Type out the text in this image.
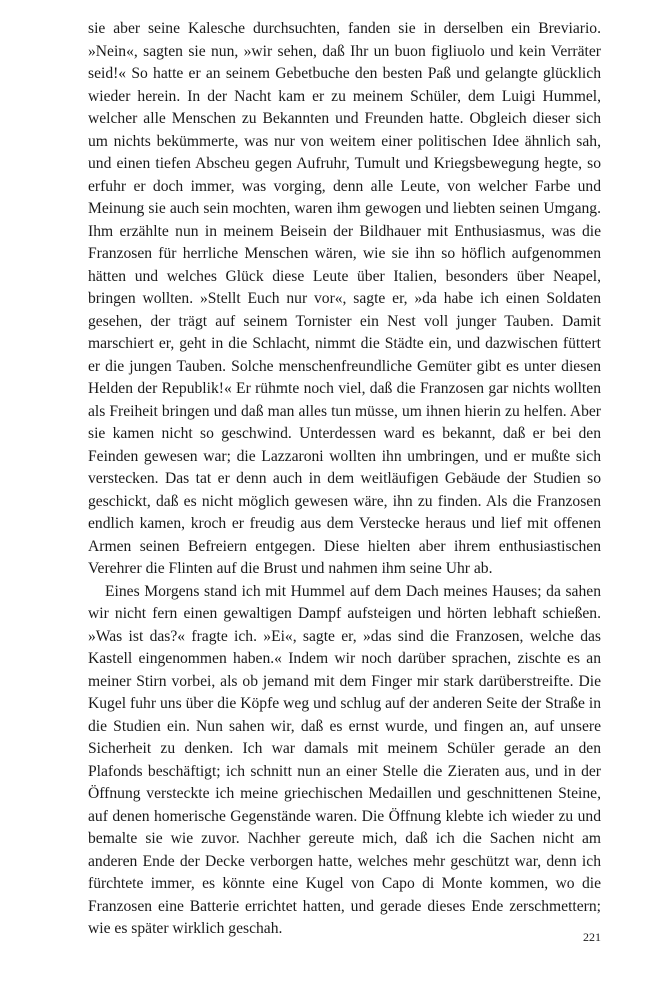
sie aber seine Kalesche durchsuchten, fanden sie in derselben ein Breviario. »Nein«, sagten sie nun, »wir sehen, daß Ihr un buon figliuolo und kein Verräter seid!« So hatte er an seinem Gebetbuche den besten Paß und gelangte glücklich wieder herein. In der Nacht kam er zu meinem Schüler, dem Luigi Hummel, welcher alle Menschen zu Bekannten und Freunden hatte. Obgleich dieser sich um nichts bekümmerte, was nur von weitem einer politischen Idee ähnlich sah, und einen tiefen Abscheu gegen Aufruhr, Tumult und Kriegsbewegung hegte, so erfuhr er doch immer, was vorging, denn alle Leute, von welcher Farbe und Meinung sie auch sein mochten, waren ihm gewogen und liebten seinen Umgang. Ihm erzählte nun in meinem Beisein der Bildhauer mit Enthusiasmus, was die Franzosen für herrliche Menschen wären, wie sie ihn so höflich aufgenommen hätten und welches Glück diese Leute über Italien, besonders über Neapel, bringen wollten. »Stellt Euch nur vor«, sagte er, »da habe ich einen Soldaten gesehen, der trägt auf seinem Tornister ein Nest voll junger Tauben. Damit marschiert er, geht in die Schlacht, nimmt die Städte ein, und dazwischen füttert er die jungen Tauben. Solche menschenfreundliche Gemüter gibt es unter diesen Helden der Republik!« Er rühmte noch viel, daß die Franzosen gar nichts wollten als Freiheit bringen und daß man alles tun müsse, um ihnen hierin zu helfen. Aber sie kamen nicht so geschwind. Unterdessen ward es bekannt, daß er bei den Feinden gewesen war; die Lazzaroni wollten ihn umbringen, und er mußte sich verstecken. Das tat er denn auch in dem weitläufigen Gebäude der Studien so geschickt, daß es nicht möglich gewesen wäre, ihn zu finden. Als die Franzosen endlich kamen, kroch er freudig aus dem Verstecke heraus und lief mit offenen Armen seinen Befreiern entgegen. Diese hielten aber ihrem enthusiastischen Verehrer die Flinten auf die Brust und nahmen ihm seine Uhr ab.

Eines Morgens stand ich mit Hummel auf dem Dach meines Hauses; da sahen wir nicht fern einen gewaltigen Dampf aufsteigen und hörten lebhaft schießen. »Was ist das?« fragte ich. »Ei«, sagte er, »das sind die Franzosen, welche das Kastell eingenommen haben.« Indem wir noch darüber sprachen, zischte es an meiner Stirn vorbei, als ob jemand mit dem Finger mir stark darüberstreifte. Die Kugel fuhr uns über die Köpfe weg und schlug auf der anderen Seite der Straße in die Studien ein. Nun sahen wir, daß es ernst wurde, und fingen an, auf unsere Sicherheit zu denken. Ich war damals mit meinem Schüler gerade an den Plafonds beschäftigt; ich schnitt nun an einer Stelle die Zieraten aus, und in der Öffnung versteckte ich meine griechischen Medaillen und geschnittenen Steine, auf denen homerische Gegenstände waren. Die Öffnung klebte ich wieder zu und bemalte sie wie zuvor. Nachher gereute mich, daß ich die Sachen nicht am anderen Ende der Decke verborgen hatte, welches mehr geschützt war, denn ich fürchtete immer, es könnte eine Kugel von Capo di Monte kommen, wo die Franzosen eine Batterie errichtet hatten, und gerade dieses Ende zerschmettern; wie es später wirklich geschah.	221
